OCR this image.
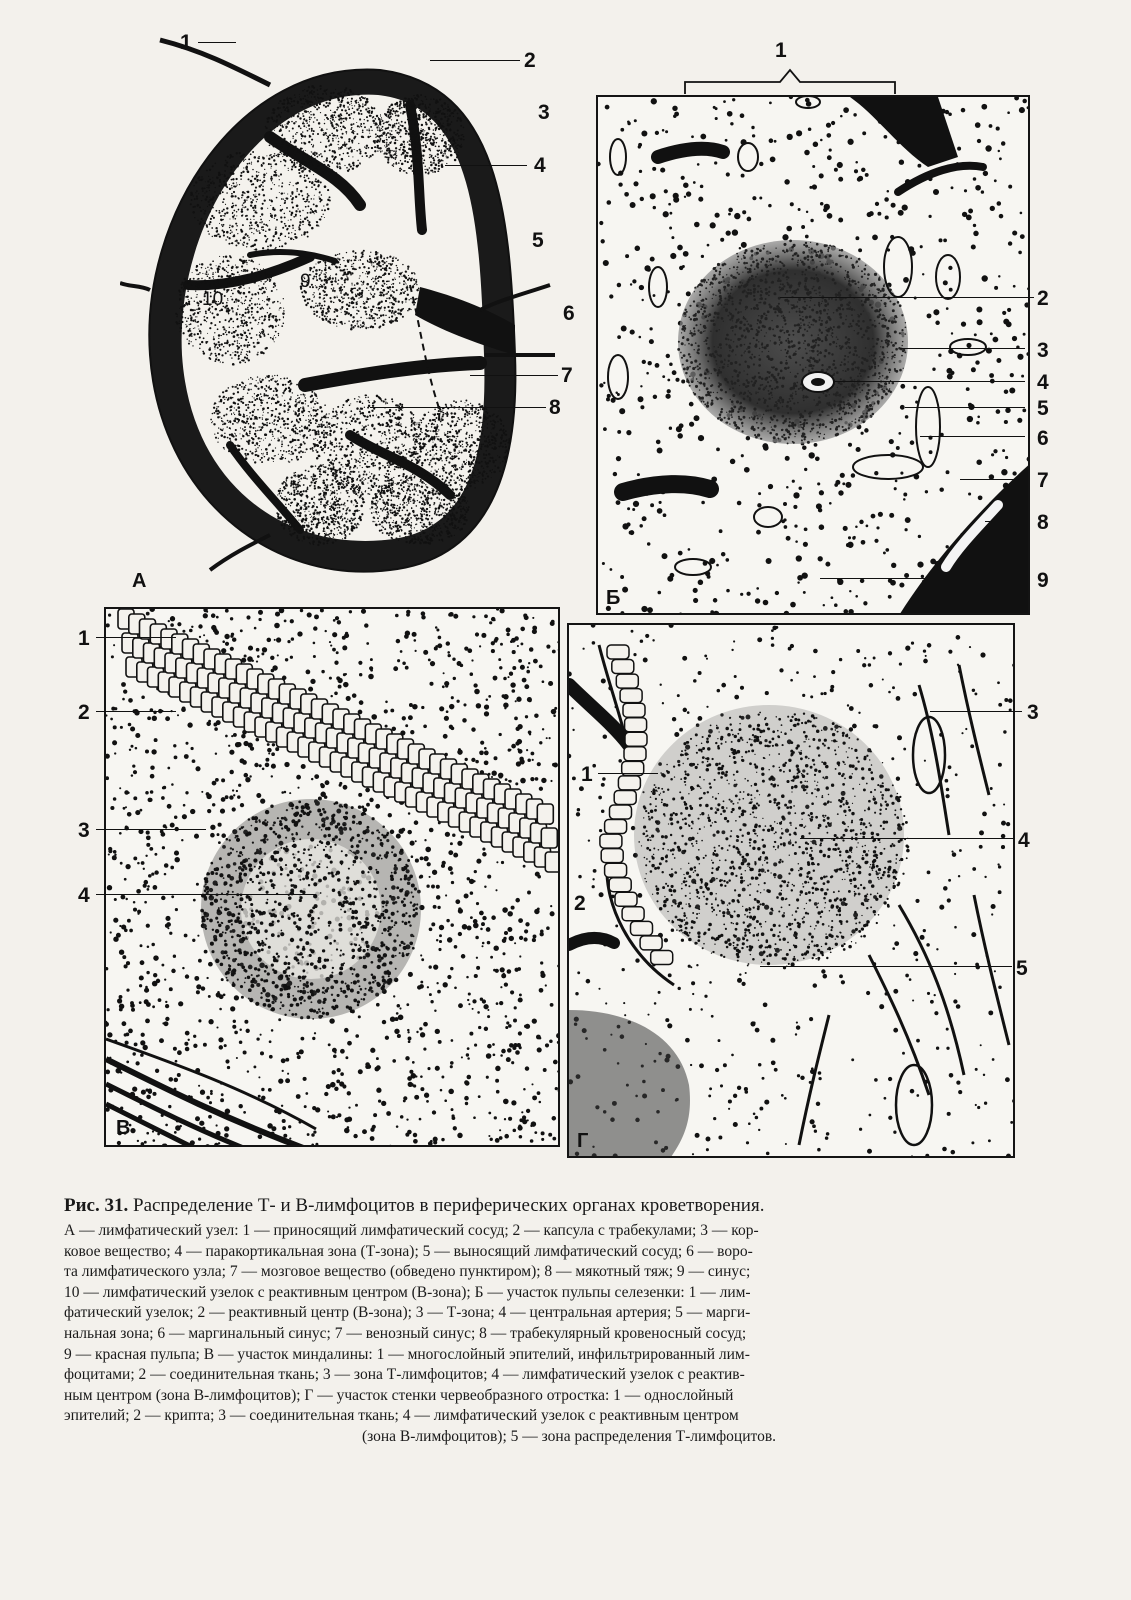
10
9
А
1
2
3
4
5
6
7
8
Б
1
2
3
4
5
6
7
8
9
В
1
2
3
4
Г
1
2
3
4
5
Рис. 31. Распределение Т- и В-лимфоцитов в периферических органах кроветворения.
А — лимфатический узел: 1 — приносящий лимфатический сосуд; 2 — капсула с трабекулами; 3 — кор-
ковое вещество; 4 — паракортикальная зона (Т-зона); 5 — выносящий лимфатический сосуд; 6 — воро-
та лимфатического узла; 7 — мозговое вещество (обведено пунктиром); 8 — мякотный тяж; 9 — синус;
10 — лимфатический узелок с реактивным центром (В-зона); Б — участок пульпы селезенки: 1 — лим-
фатический узелок; 2 — реактивный центр (В-зона); 3 — Т-зона; 4 — центральная артерия; 5 — марги-
нальная зона; 6 — маргинальный синус; 7 — венозный синус; 8 — трабекулярный кровеносный сосуд;
9 — красная пульпа; В — участок миндалины: 1 — многослойный эпителий, инфильтрированный лим-
фоцитами; 2 — соединительная ткань; 3 — зона Т-лимфоцитов; 4 — лимфатический узелок с реактив-
ным центром (зона В-лимфоцитов); Г — участок стенки червеобразного отростка: 1 — однослойный
эпителий; 2 — крипта; 3 — соединительная ткань; 4 — лимфатический узелок с реактивным центром
(зона В-лимфоцитов); 5 — зона распределения Т-лимфоцитов.
